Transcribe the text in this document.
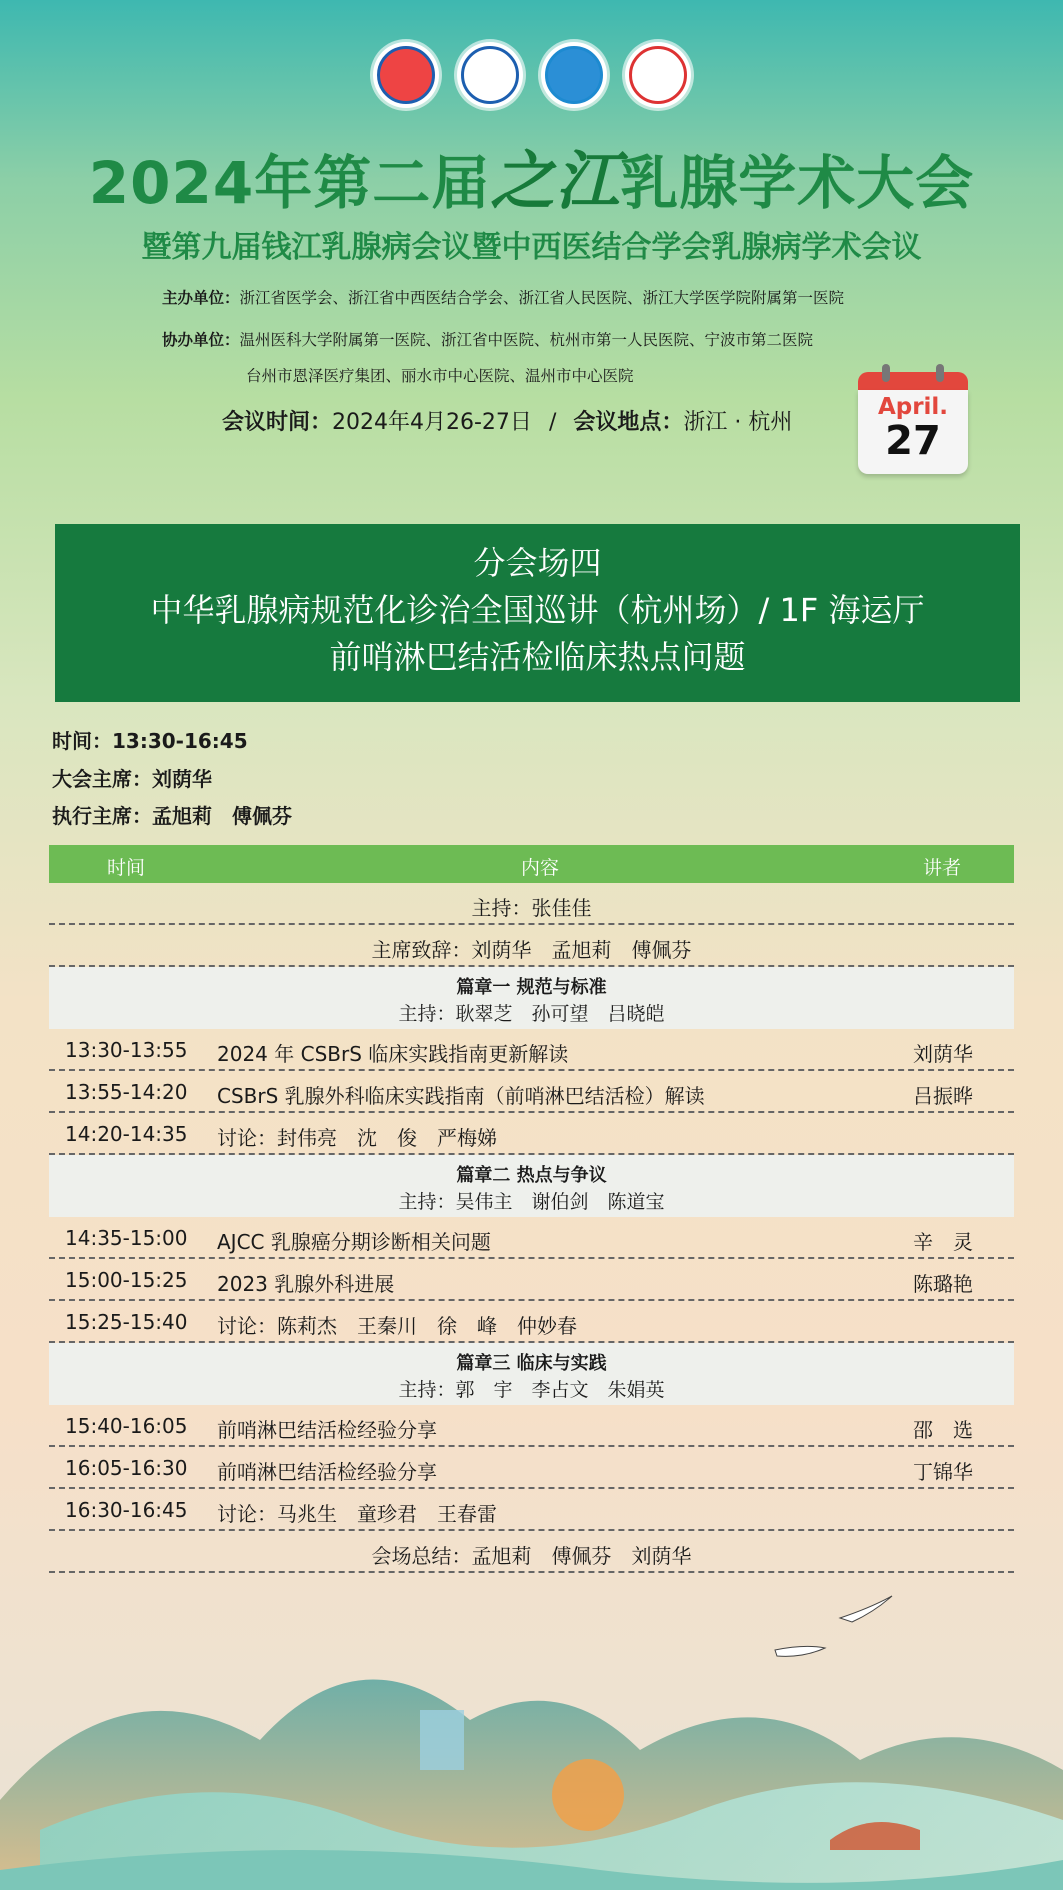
2024年第二届之江乳腺学术大会
暨第九届钱江乳腺病会议暨中西医结合学会乳腺病学术会议
主办单位：浙江省医学会、浙江省中西医结合学会、浙江省人民医院、浙江大学医学院附属第一医院
协办单位：温州医科大学附属第一医院、浙江省中医院、杭州市第一人民医院、宁波市第二医院
台州市恩泽医疗集团、丽水市中心医院、温州市中心医院
会议时间：2024年4月26-27日 / 会议地点：浙江 · 杭州
April.
27
分会场四
中华乳腺病规范化诊治全国巡讲（杭州场）/ 1F 海运厅
前哨淋巴结活检临床热点问题
时间：13:30-16:45
大会主席：刘荫华
执行主席：孟旭莉　傅佩芬
时间	内容	讲者
主持：张佳佳
主席致辞：刘荫华　孟旭莉　傅佩芬
篇章一 规范与标准
主持：耿翠芝　孙可望　吕晓皑
13:30-13:55 2024 年 CSBrS 临床实践指南更新解读	刘荫华
13:55-14:20 CSBrS 乳腺外科临床实践指南（前哨淋巴结活检）解读	吕振晔
14:20-14:35 讨论：封伟亮　沈　俊　严梅娣
篇章二 热点与争议
主持：吴伟主　谢伯剑　陈道宝
14:35-15:00 AJCC 乳腺癌分期诊断相关问题	辛　灵
15:00-15:25 2023 乳腺外科进展	陈璐艳
15:25-15:40 讨论：陈莉杰　王秦川　徐　峰　仲妙春
篇章三 临床与实践
主持：郭　宇　李占文　朱娟英
15:40-16:05 前哨淋巴结活检经验分享	邵　选
16:05-16:30 前哨淋巴结活检经验分享	丁锦华
16:30-16:45 讨论：马兆生　童珍君　王春雷
会场总结：孟旭莉　傅佩芬　刘荫华
